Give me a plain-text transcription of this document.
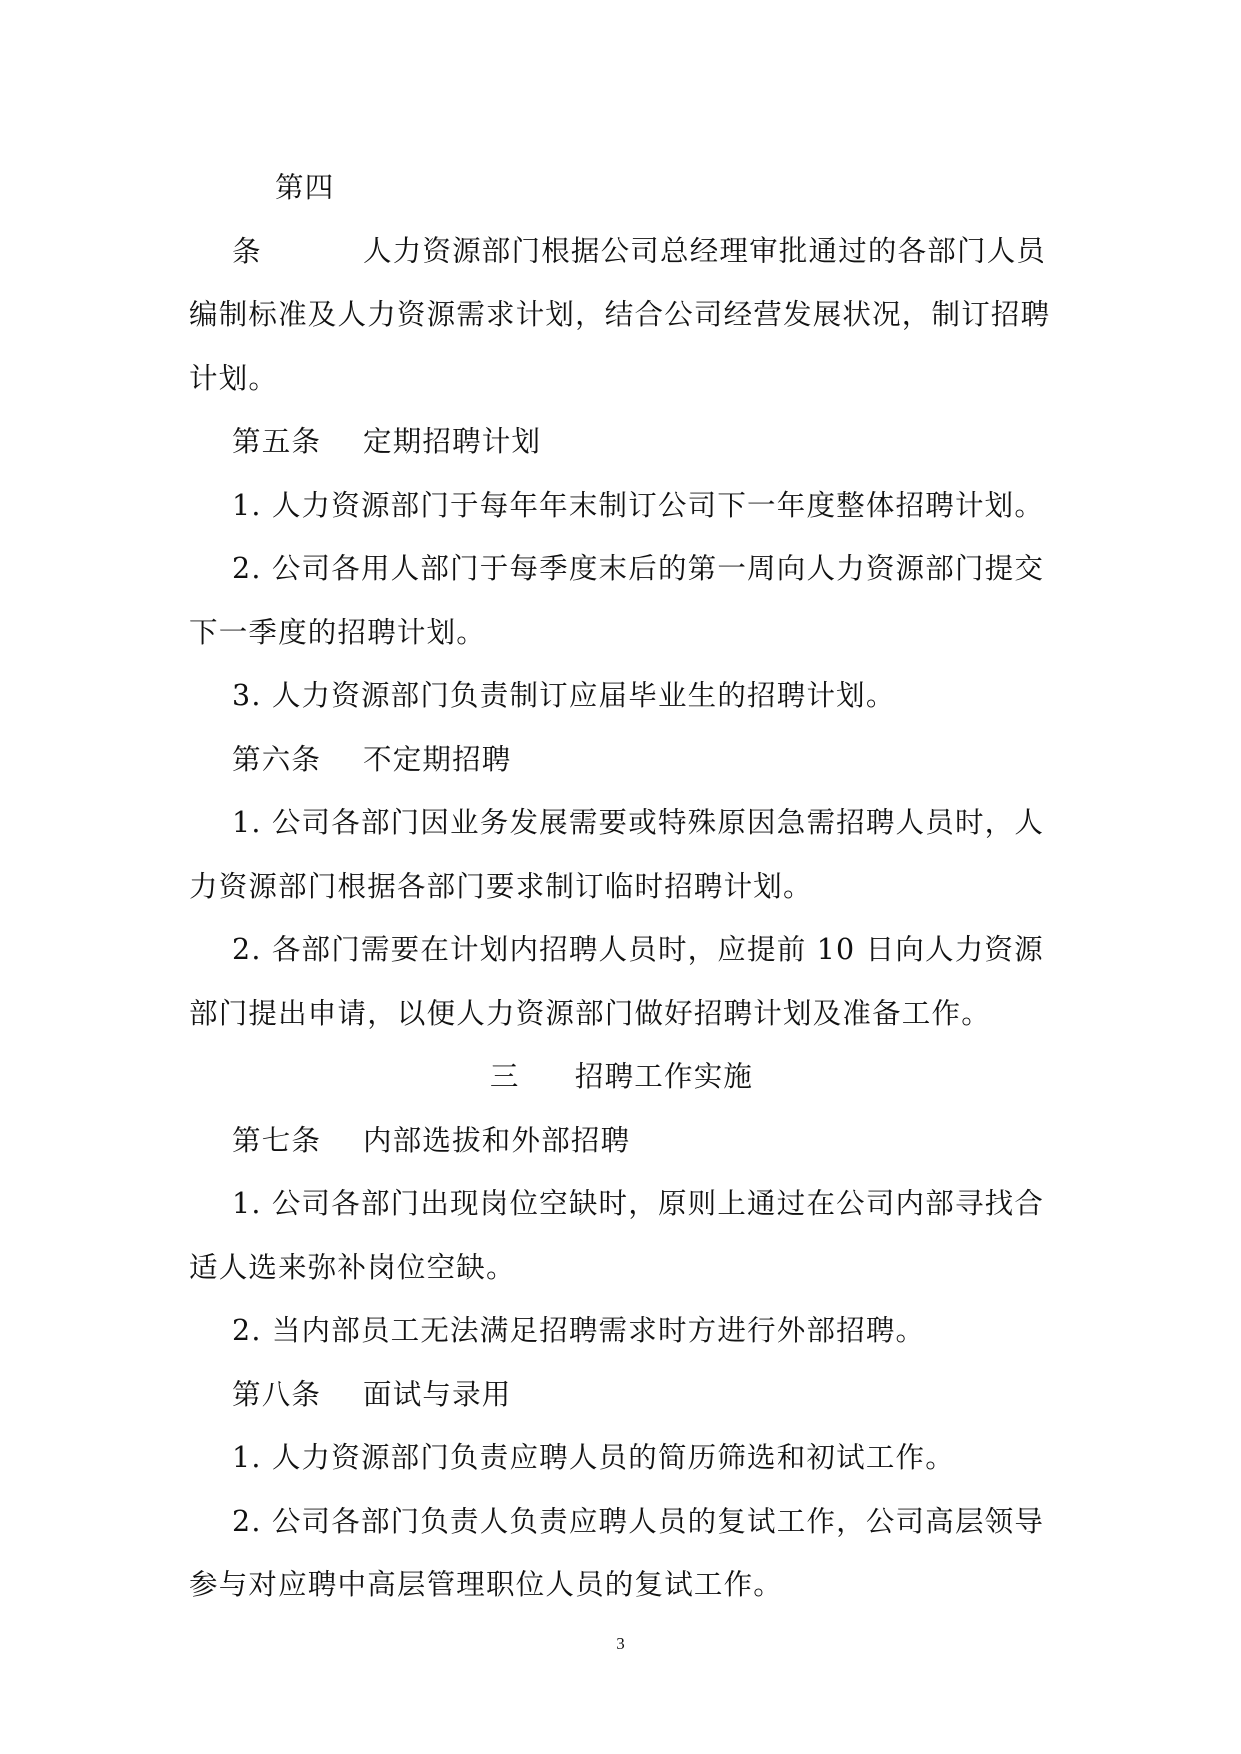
第四条	人力资源部门根据公司总经理审批通过的各部门人员编制标准及人力资源需求计划，结合公司经营发展状况，制订招聘计划。

第五条 定期招聘计划

1. 人力资源部门于每年年末制订公司下一年度整体招聘计划。

2. 公司各用人部门于每季度末后的第一周向人力资源部门提交下一季度的招聘计划。

3. 人力资源部门负责制订应届毕业生的招聘计划。

第六条 不定期招聘

1. 公司各部门因业务发展需要或特殊原因急需招聘人员时，人力资源部门根据各部门要求制订临时招聘计划。

2. 各部门需要在计划内招聘人员时，应提前 10 日向人力资源部门提出申请，以便人力资源部门做好招聘计划及准备工作。

三 招聘工作实施

第七条 内部选拔和外部招聘

1. 公司各部门出现岗位空缺时，原则上通过在公司内部寻找合适人选来弥补岗位空缺。

2. 当内部员工无法满足招聘需求时方进行外部招聘。

第八条 面试与录用

1. 人力资源部门负责应聘人员的简历筛选和初试工作。

2. 公司各部门负责人负责应聘人员的复试工作，公司高层领导参与对应聘中高层管理职位人员的复试工作。

3
